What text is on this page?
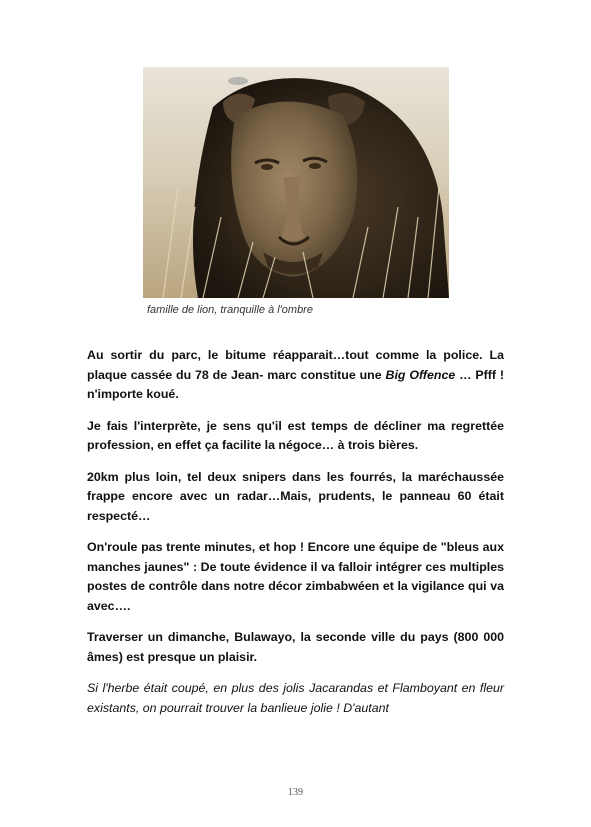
famille de lion, tranquille à l'ombre

Au sortir du parc, le bitume réapparait…tout comme la police. La plaque cassée du 78 de Jean- marc constitue une Big Offence … Pfff ! n'importe koué.

Je fais l'interprète, je sens qu'il est temps de décliner ma regrettée profession, en effet ça facilite la négoce… à trois bières.

20km plus loin, tel deux snipers dans les fourrés, la maréchaussée frappe encore avec un radar…Mais, prudents, le panneau 60 était respecté…

On'roule pas trente minutes, et hop ! Encore une équipe de "bleus aux manches jaunes" : De toute évidence il va falloir intégrer ces multiples postes de contrôle dans notre décor zimbabwéen et la vigilance qui va avec….

Traverser un dimanche, Bulawayo, la seconde ville du pays (800 000 âmes) est presque un plaisir.

Si l'herbe était coupé, en plus des jolis Jacarandas et Flamboyant en fleur existants, on pourrait trouver la banlieue jolie ! D'autant

139
